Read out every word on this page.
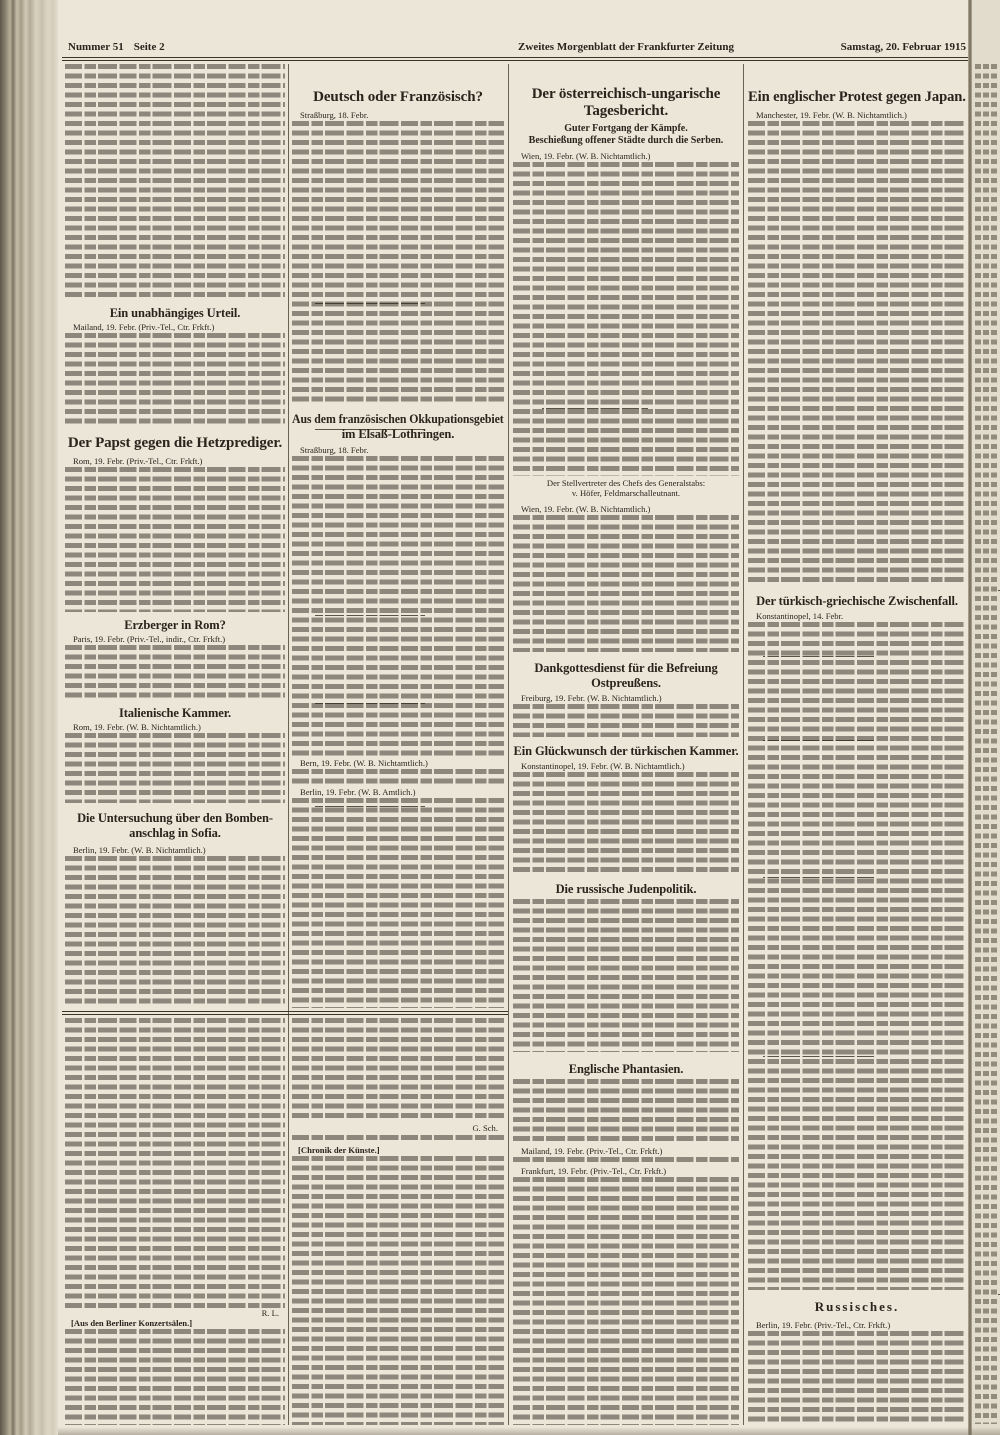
Nummer 51 Seite 2	Zweites Morgenblatt der Frankfurter Zeitung	Samstag, 20. Februar 1915
Ein unabhängiges Urteil.
Mailand, 19. Febr. (Priv.-Tel., Ctr. Frkft.)
Der Papst gegen die Hetzprediger.
Rom, 19. Febr. (Priv.-Tel., Ctr. Frkft.)
Erzberger in Rom?
Paris, 19. Febr. (Priv.-Tel., indir., Ctr. Frkft.)
Italienische Kammer.
Rom, 19. Febr. (W. B. Nichtamtlich.)
Die Untersuchung über den Bomben-
anschlag in Sofia.
Berlin, 19. Febr. (W. B. Nichtamtlich.)
Deutsch oder Französisch?
Straßburg, 18. Febr.
Aus dem französischen Okkupationsgebiet
im Elsaß-Lothringen.
Straßburg, 18. Febr.
Bern, 19. Febr. (W. B. Nichtamtlich.)
Berlin, 19. Febr. (W. B. Amtlich.)
R. L.
[Aus den Berliner Konzertsälen.]
G. Sch.
[Chronik der Künste.]
Der österreichisch-ungarische
Tagesbericht.
Guter Fortgang der Kämpfe.
Beschießung offener Städte durch die Serben.
Wien, 19. Febr. (W. B. Nichtamtlich.)
Der Stellvertreter des Chefs des Generalstabs:
v. Höfer, Feldmarschalleutnant.
Wien, 19. Febr. (W. B. Nichtamtlich.)
Dankgottesdienst für die Befreiung
Ostpreußens.
Freiburg, 19. Febr. (W. B. Nichtamtlich.)
Ein Glückwunsch der türkischen Kammer.
Konstantinopel, 19. Febr. (W. B. Nichtamtlich.)
Die russische Judenpolitik.
Englische Phantasien.
Mailand, 19. Febr. (Priv.-Tel., Ctr. Frkft.)
Frankfurt, 19. Febr. (Priv.-Tel., Ctr. Frkft.)
Ein englischer Protest gegen Japan.
Manchester, 19. Febr. (W. B. Nichtamtlich.)
Der türkisch-griechische Zwischenfall.
Konstantinopel, 14. Febr.
Russisches.
Berlin, 19. Febr. (Priv.-Tel., Ctr. Frkft.)
